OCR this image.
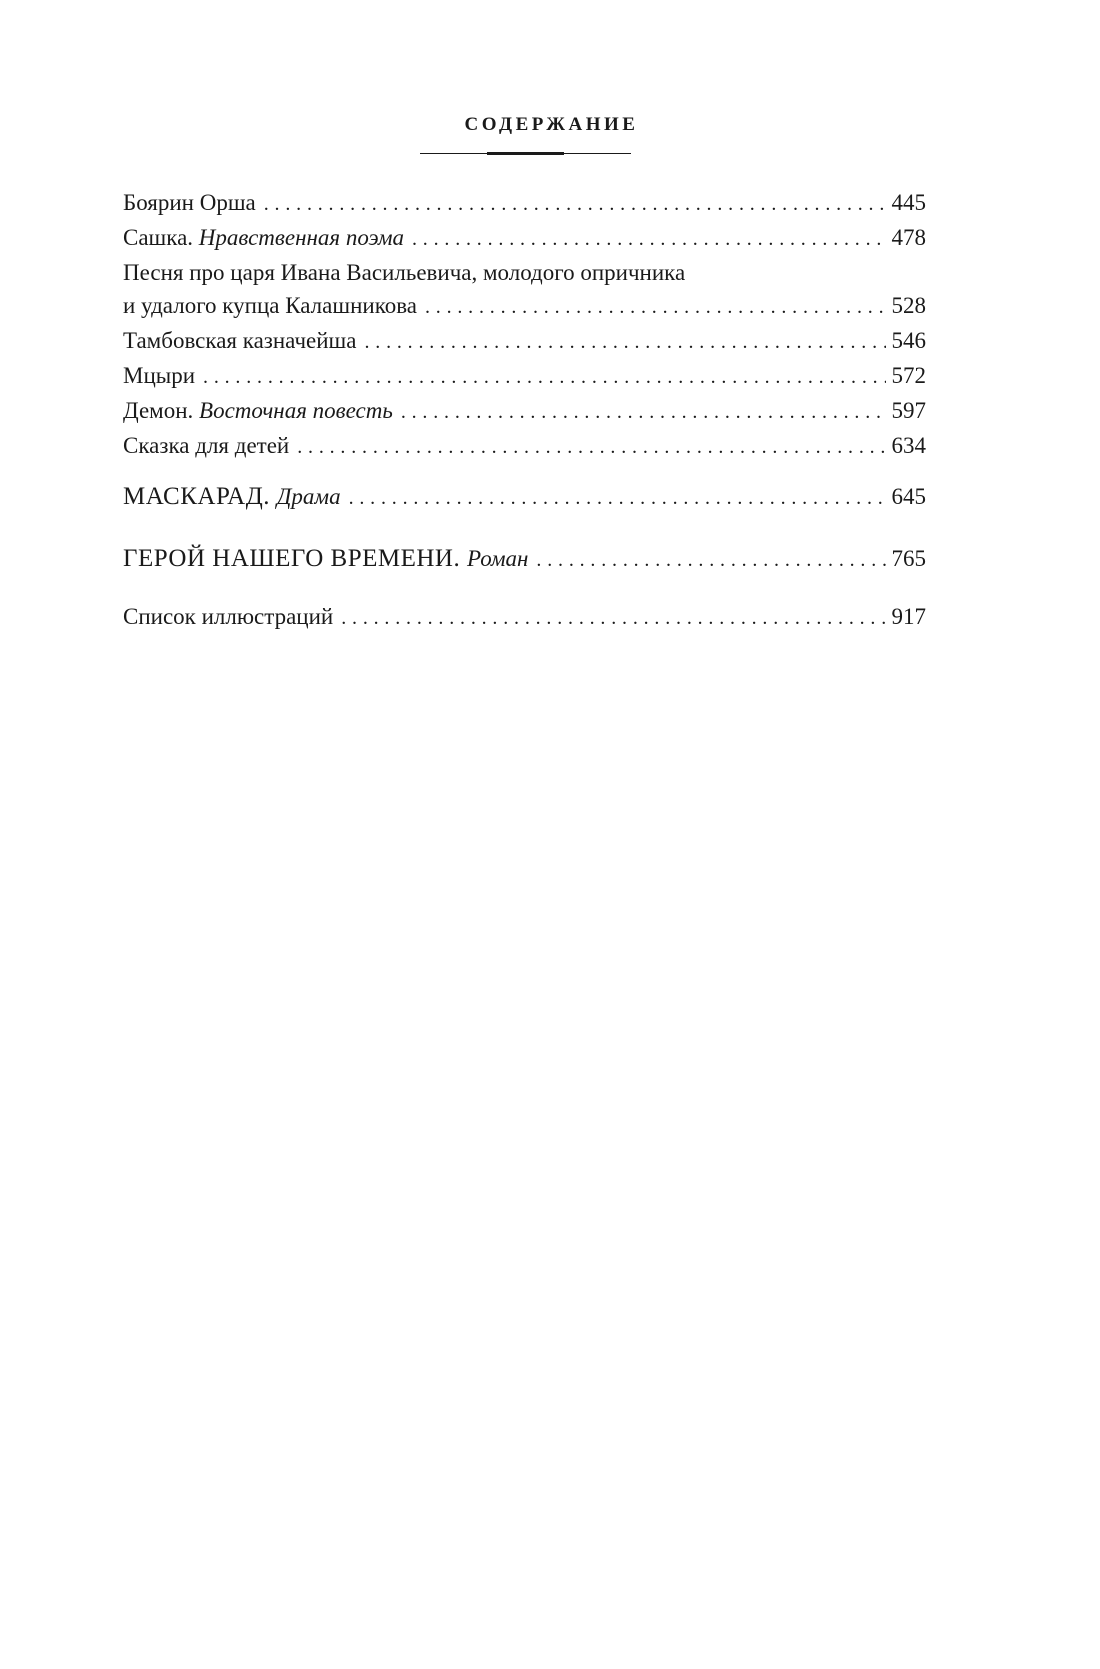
СОДЕРЖАНИЕ
Боярин Орша . . .	445
Сашка. Нравственная поэма . . .	478
Песня про царя Ивана Васильевича, молодого опричника
и удалого купца Калашникова . . .	528
Тамбовская казначейша . . .	546
Мцыри . . .	572
Демон. Восточная повесть . . .	597
Сказка для детей . . .	634
МАСКАРАД. Драма . . .	645
ГЕРОЙ НАШЕГО ВРЕМЕНИ. Роман . . .	765
Список иллюстраций . . .	917
